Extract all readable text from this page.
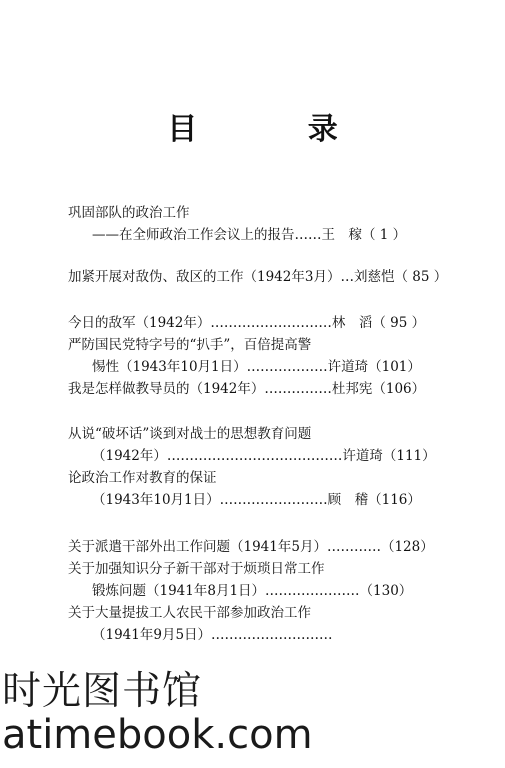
目 录
巩固部队的政治工作
——在全师政治工作会议上的报告……王　稼（ 1 ）
加紧开展对敌伪、敌区的工作（1942年3月）…刘慈恺（ 85 ）
今日的敌军（1942年）………………………林　滔（ 95 ）
严防国民党特字号的“扒手”，百倍提高警
惕性（1943年10月1日）………………许道琦（101）
我是怎样做教导员的（1942年）……………杜邦宪（106）
从说“破坏话”谈到对战士的思想教育问题
（1942年）…………………………………许道琦（111）
论政治工作对教育的保证
（1943年10月1日）……………………顾　稽（116）
关于派遣干部外出工作问题（1941年5月）…………（128）
关于加强知识分子新干部对于烦琐日常工作
锻炼问题（1941年8月1日）…………………（130）
关于大量提拔工人农民干部参加政治工作
（1941年9月5日）………………………
时光图书馆
atimebook.com
